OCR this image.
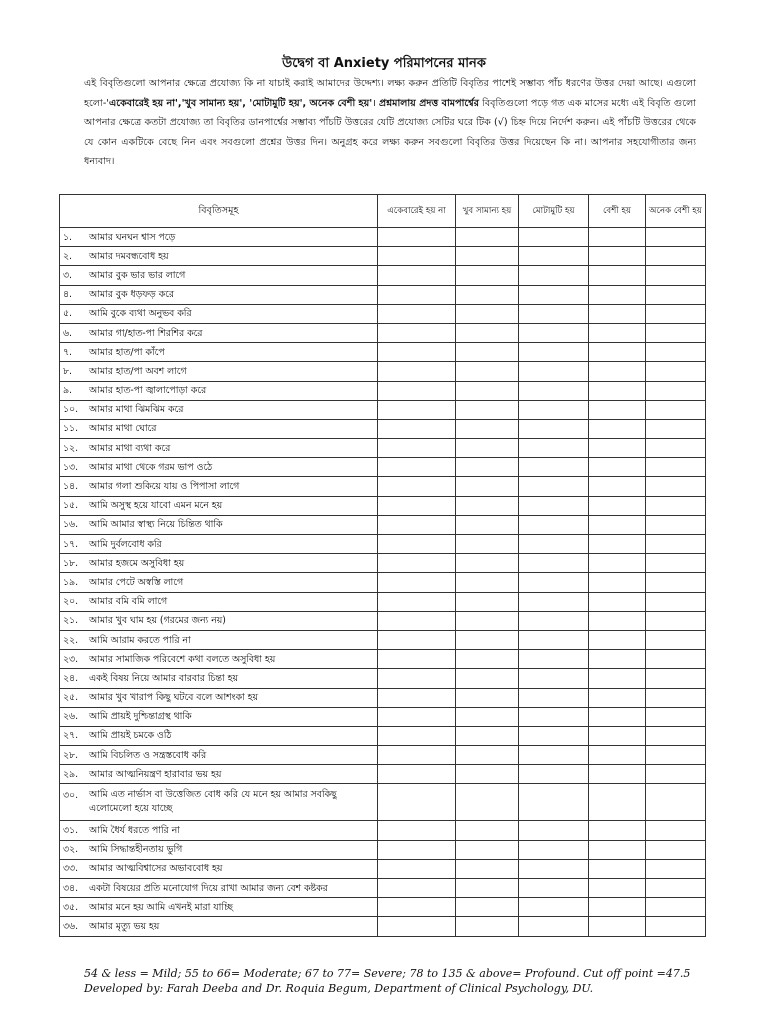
উদ্বেগ বা Anxiety পরিমাপনের মানক
এই বিবৃতিগুলো আপনার ক্ষেত্রে প্রযোজ্য কি না যাচাই করাই আমাদের উদ্দেশ্য। লক্ষ্য করুন প্রতিটি বিবৃতির পাশেই সম্ভাব্য পাঁচ ধরণের উত্তর দেয়া আছে। এগুলো হলো-'একেবারেই হয় না','খুব সামান্য হয়', 'মোটামুটি হয়', অনেক বেশী হয়'। প্রশ্নমালায় প্রদত্ত বামপার্শ্বের বিবৃতিগুলো পড়ে গত এক মাসের মধ্যে এই বিবৃতি গুলো আপনার ক্ষেত্রে কতটা প্রযোজ্য তা বিবৃতির ডানপার্শ্বের সম্ভাব্য পাঁচটি উত্তরের যেটি প্রযোজ্য সেটির ঘরে টিক (√) চিহ্ন দিয়ে নির্দেশ করুন। এই পাঁচটি উত্তরের থেকে যে কোন একটিকে বেছে নিন এবং সবগুলো প্রশ্নের উত্তর দিন। অনুগ্রহ করে লক্ষ্য করুন সবগুলো বিবৃতির উত্তর দিয়েছেন কি না। আপনার সহযোগীতার জন্য ধন্যবাদ।
বিবৃতিসমূহ	একেবারেই হয় না	খুব সামান্য হয়	মোটামুটি হয়	বেশী হয়	অনেক বেশী হয়
১. আমার ঘনঘন শ্বাস পড়ে					
২. আমার দমবন্ধবোধ হয়					
৩. আমার বুক ভার ভার লাগে					
৪. আমার বুক ধড়ফড় করে					
৫. আমি বুকে ব্যথা অনুভব করি					
৬. আমার গা/হাত-পা শিরশির করে					
৭. আমার হাত/পা কাঁপে					
৮. আমার হাত/পা অবশ লাগে					
৯. আমার হাত-পা জ্বালাপোড়া করে					
১০. আমার মাথা ঝিমঝিম করে					
১১. আমার মাথা ঘোরে					
১২. আমার মাথা ব্যথা করে					
১৩. আমার মাথা থেকে গরম ভাপ ওঠে					
১৪. আমার গলা শুকিয়ে যায় ও পিপাসা লাগে					
১৫. আমি অসুস্থ হয়ে যাবো এমন মনে হয়					
১৬. আমি আমার স্বাস্থ্য নিয়ে চিন্তিত থাকি					
১৭. আমি দুর্বলবোধ করি					
১৮. আমার হজমে অসুবিধা হয়					
১৯. আমার পেটে অস্বস্তি লাগে					
২০. আমার বমি বমি লাগে					
২১. আমার খুব ঘাম হয় (গরমের জন্য নয়)					
২২. আমি আরাম করতে পারি না					
২৩. আমার সামাজিক পরিবেশে কথা বলতে অসুবিধা হয়					
২৪. একই বিষয় নিয়ে আমার বারবার চিন্তা হয়					
২৫. আমার খুব খারাপ কিছু ঘটবে বলে আশংকা হয়					
২৬. আমি প্রায়ই দুশ্চিন্তাগ্রস্থ থাকি					
২৭. আমি প্রায়ই চমকে ওঠি					
২৮. আমি বিচলিত ও সন্ত্রস্তবোধ করি					
২৯. আমার আত্মনিয়ন্ত্রণ হারাবার ভয় হয়					
৩০. আমি এত নার্ভাস বা উত্তেজিত বোধ করি যে মনে হয় আমার সবকিছু এলোমেলো হয়ে যাচ্ছে					
৩১. আমি ধৈর্য ধরতে পারি না					
৩২. আমি সিদ্ধান্তহীনতায় ভুগি					
৩৩. আমার আত্মবিশ্বাসের অভাববোধ হয়					
৩৪. একটা বিষয়ের প্রতি মনোযোগ দিয়ে রাখা আমার জন্য বেশ কষ্টকর					
৩৫. আমার মনে হয় আমি এখনই মারা যাচ্ছি					
৩৬. আমার মৃত্যু ভয় হয়					
54 & less = Mild; 55 to 66= Moderate; 67 to 77= Severe; 78 to 135 & above= Profound. Cut off point =47.5
Developed by: Farah Deeba and Dr. Roquia Begum, Department of Clinical Psychology, DU.
